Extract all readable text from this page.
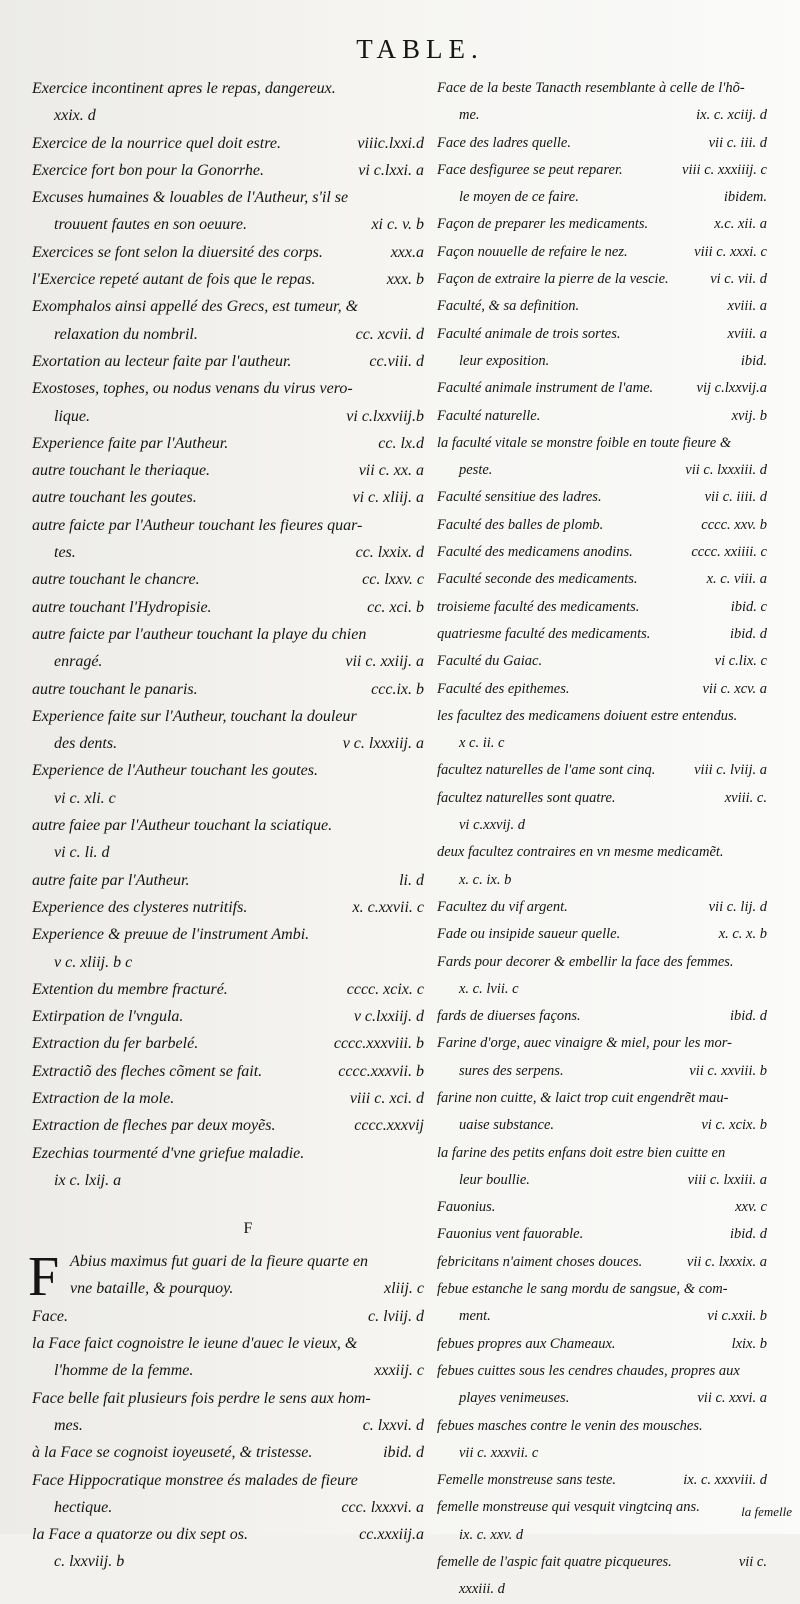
TABLE.
Exercice incontinent apres le repas, dangereux.
xxix. d
Exercice de la nourrice quel doit estre.	viiic.lxxi.d
Exercice fort bon pour la Gonorrhe.	vi c.lxxi. a
Excuses humaines & louables de l'Autheur, s'il se
trouuent fautes en son oeuure.	xi c. v. b
Exercices se font selon la diuersité des corps.	xxx.a
l'Exercice repeté autant de fois que le repas.	xxx. b
Exomphalos ainsi appellé des Grecs, est tumeur, &
relaxation du nombril.	cc. xcvii. d
Exortation au lecteur faite par l'autheur.	cc.viii. d
Exostoses, tophes, ou nodus venans du virus vero-
lique.	vi c.lxxviij.b
Experience faite par l'Autheur.	cc. lx.d
autre touchant le theriaque.	vii c. xx. a
autre touchant les goutes.	vi c. xliij. a
autre faicte par l'Autheur touchant les fieures quar-
tes.	cc. lxxix. d
autre touchant le chancre.	cc. lxxv. c
autre touchant l'Hydropisie.	cc. xci. b
autre faicte par l'autheur touchant la playe du chien
enragé.	vii c. xxiij. a
autre touchant le panaris.	ccc.ix. b
Experience faite sur l'Autheur, touchant la douleur
des dents.	v c. lxxxiij. a
Experience de l'Autheur touchant les goutes.
vi c. xli. c
autre faiee par l'Autheur touchant la sciatique.
vi c. li. d
autre faite par l'Autheur.	li. d
Experience des clysteres nutritifs.	x. c.xxvii. c
Experience & preuue de l'instrument Ambi.
v c. xliij. b c
Extention du membre fracturé.	cccc. xcix. c
Extirpation de l'vngula.	v c.lxxiij. d
Extraction du fer barbelé.	cccc.xxxviii. b
Extractiõ des fleches cõment se fait.	cccc.xxxvii. b
Extraction de la mole.	viii c. xci. d
Extraction de fleches par deux moyẽs.	cccc.xxxvij
Ezechias tourmenté d'vne griefue maladie.
ix c. lxij. a
F
F Abius maximus fut guari de la fieure quarte en
vne bataille, & pourquoy.	xliij. c
Face.	c. lviij. d
la Face faict cognoistre le ieune d'auec le vieux, &
l'homme de la femme.	xxxiij. c
Face belle fait plusieurs fois perdre le sens aux hom-
mes.	c. lxxvi. d
à la Face se cognoist ioyeuseté, & tristesse.	ibid. d
Face Hippocratique monstree és malades de fieure
hectique.	ccc. lxxxvi. a
la Face a quatorze ou dix sept os.	cc.xxxiij.a
c. lxxviij. b
Face de la beste Tanacth resemblante à celle de l'hõ-
me.	ix. c. xciij. d
Face des ladres quelle.	vii c. iii. d
Face desfiguree se peut reparer.	viii c. xxxiiij. c
le moyen de ce faire.	ibidem.
Façon de preparer les medicaments.	x.c. xii. a
Façon nouuelle de refaire le nez.	viii c. xxxi. c
Façon de extraire la pierre de la vescie.	vi c. vii. d
Faculté, & sa definition.	xviii. a
Faculté animale de trois sortes.	xviii. a
leur exposition.	ibid.
Faculté animale instrument de l'ame.	vij c.lxxvij.a
Faculté naturelle.	xvij. b
la faculté vitale se monstre foible en toute fieure &
peste.	vii c. lxxxiii. d
Faculté sensitiue des ladres.	vii c. iiii. d
Faculté des balles de plomb.	cccc. xxv. b
Faculté des medicamens anodins.	cccc. xxiiii. c
Faculté seconde des medicaments.	x. c. viii. a
troisieme faculté des medicaments.	ibid. c
quatriesme faculté des medicaments.	ibid. d
Faculté du Gaiac.	vi c.lix. c
Faculté des epithemes.	vii c. xcv. a
les facultez des medicamens doiuent estre entendus.
x c. ii. c
facultez naturelles de l'ame sont cinq.	viii c. lviij. a
facultez naturelles sont quatre.	xviii. c.
vi c.xxvij. d
deux facultez contraires en vn mesme medicamẽt.
x. c. ix. b
Facultez du vif argent.	vii c. lij. d
Fade ou insipide saueur quelle.	x. c. x. b
Fards pour decorer & embellir la face des femmes.
x. c. lvii. c
fards de diuerses façons.	ibid. d
Farine d'orge, auec vinaigre & miel, pour les mor-
sures des serpens.	vii c. xxviii. b
farine non cuitte, & laict trop cuit engendrẽt mau-
uaise substance.	vi c. xcix. b
la farine des petits enfans doit estre bien cuitte en
leur boullie.	viii c. lxxiii. a
Fauonius.	xxv. c
Fauonius vent fauorable.	ibid. d
febricitans n'aiment choses douces.	vii c. lxxxix. a
febue estanche le sang mordu de sangsue, & com-
ment.	vi c.xxii. b
febues propres aux Chameaux.	lxix. b
febues cuittes sous les cendres chaudes, propres aux
playes venimeuses.	vii c. xxvi. a
febues masches contre le venin des mousches.
vii c. xxxvii. c
Femelle monstreuse sans teste.	ix. c. xxxviii. d
femelle monstreuse qui vesquit vingtcinq ans.
ix. c. xxv. d
femelle de l'aspic fait quatre picqueures.	vii c.
xxxiii. d
la femelle
